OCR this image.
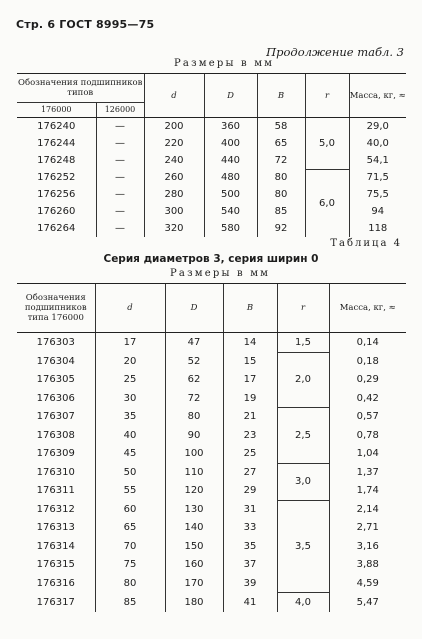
Стр. 6 ГОСТ 8995—75
Продолжение табл. 3
Размеры в мм
Обозначения подшипников типов		d	D	B	r	Масса, кг, ≈
176000	126000					
176240	—	200	360	58	5,0	29,0
176244	—	220	400	65		40,0
176248	—	240	440	72		54,1
176252	—	260	480	80	6,0	71,5
176256	—	280	500	80		75,5
176260	—	300	540	85		94
176264	—	320	580	92		118
Таблица 4
Серия диаметров 3, серия ширин 0
Размеры в мм
Обозначения подшипников типа 176000	d	D	B	r	Масса, кг, ≈
176303	17	47	14	1,5	0,14
176304	20	52	15	2,0	0,18
176305	25	62	17		0,29
176306	30	72	19		0,42
176307	35	80	21	2,5	0,57
176308	40	90	23		0,78
176309	45	100	25		1,04
176310	50	110	27	3,0	1,37
176311	55	120	29		1,74
176312	60	130	31	3,5	2,14
176313	65	140	33		2,71
176314	70	150	35		3,16
176315	75	160	37		3,88
176316	80	170	39		4,59
176317	85	180	41	4,0	5,47
